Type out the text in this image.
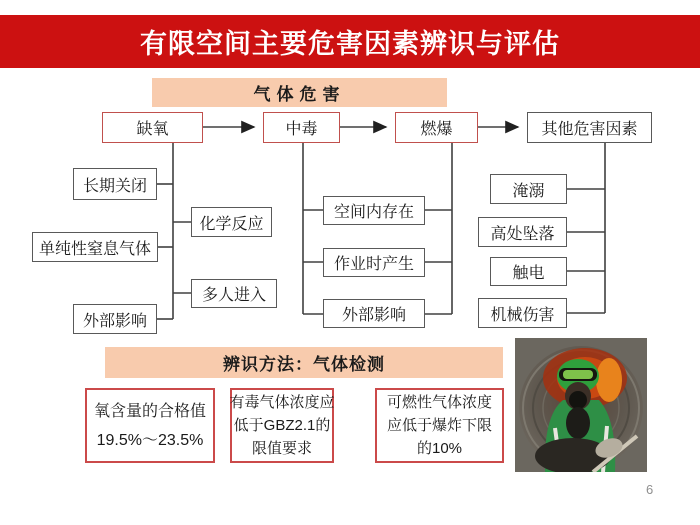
有限空间主要危害因素辨识与评估
气体危害
缺氧	中毒	燃爆	其他危害因素
长期关闭
化学反应
单纯性窒息气体
多人进入
外部影响
空间内存在
作业时产生
外部影响
淹溺
高处坠落
触电
机械伤害
辨识方法：气体检测
氧含量的合格值
19.5%～23.5%
有毒气体浓度应
低于GBZ2.1的
限值要求
可燃性气体浓度
应低于爆炸下限
的10%
6
